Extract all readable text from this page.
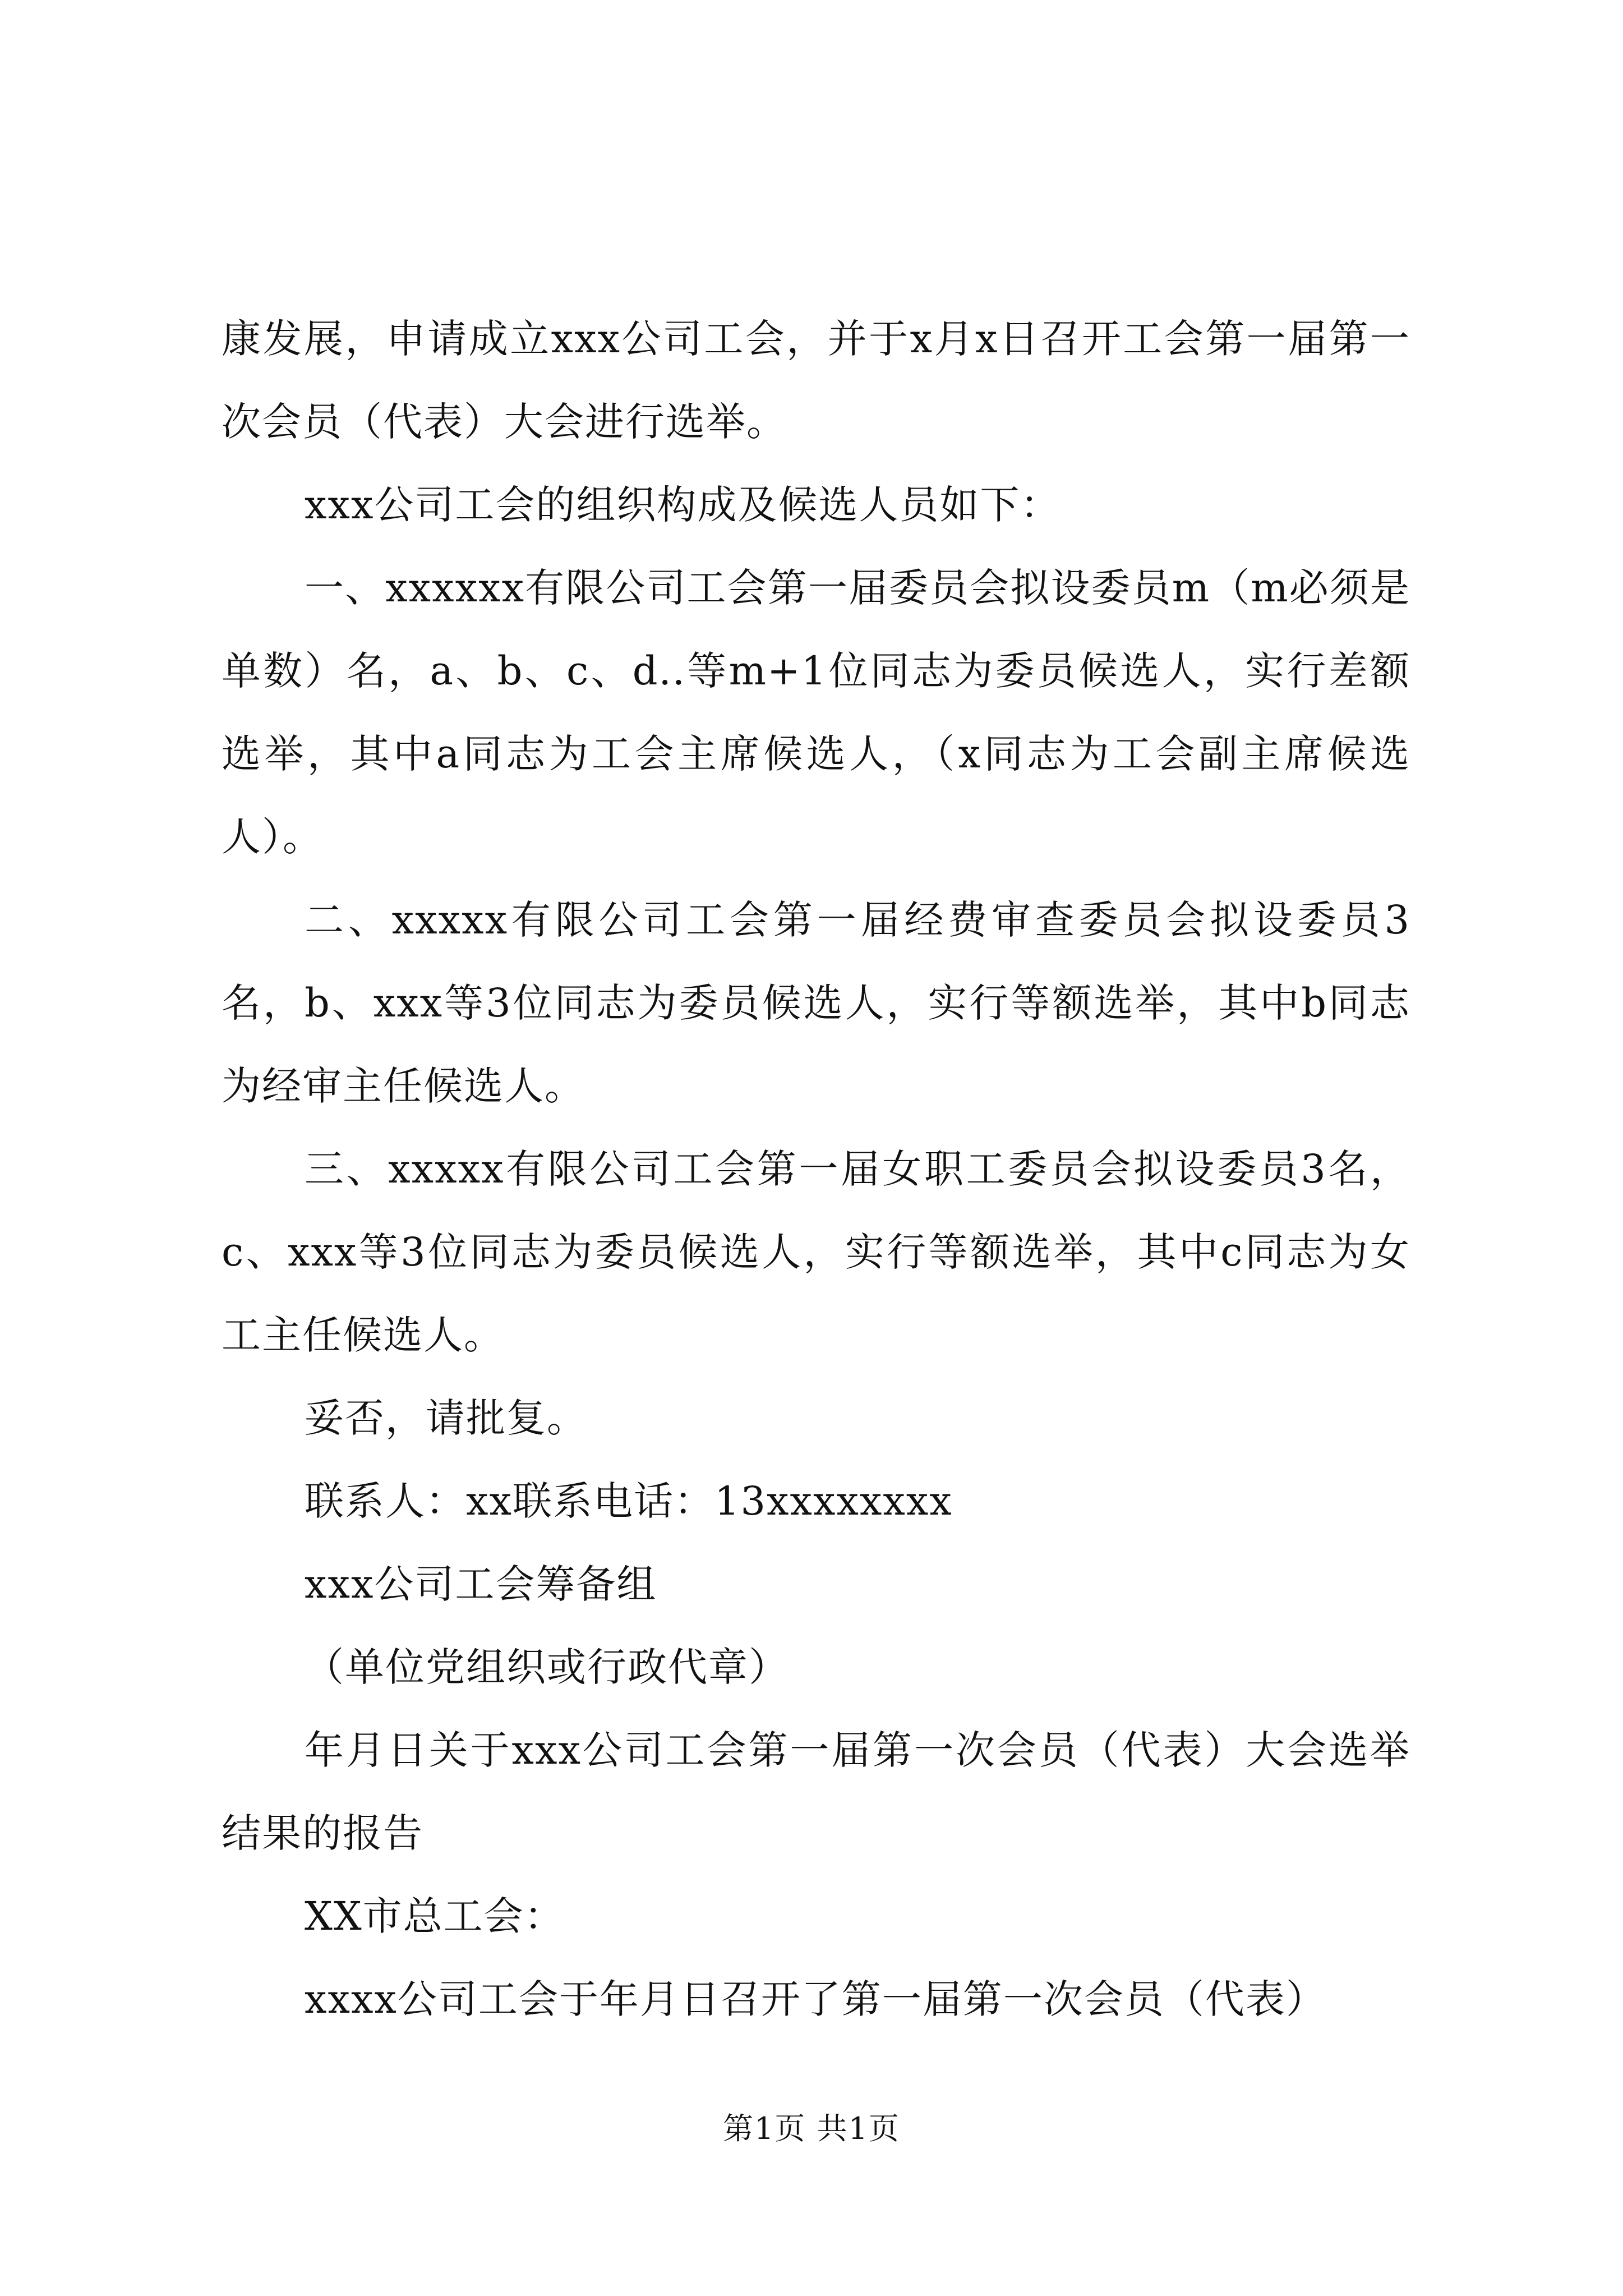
康发展，申请成立xxx公司工会，并于x月x日召开工会第一届第一次会员（代表）大会进行选举。

xxx公司工会的组织构成及候选人员如下：

一、xxxxxx有限公司工会第一届委员会拟设委员m（m必须是单数）名，a、b、c、d..等m+1位同志为委员候选人，实行差额选举，其中a同志为工会主席候选人，（x同志为工会副主席候选人）。

二、xxxxx有限公司工会第一届经费审查委员会拟设委员3名，b、xxx等3位同志为委员候选人，实行等额选举，其中b同志为经审主任候选人。

三、xxxxx有限公司工会第一届女职工委员会拟设委员3名，c、xxx等3位同志为委员候选人，实行等额选举，其中c同志为女工主任候选人。

妥否，请批复。

联系人：xx联系电话：13xxxxxxxx

xxx公司工会筹备组

（单位党组织或行政代章）

年月日关于xxx公司工会第一届第一次会员（代表）大会选举结果的报告

XX市总工会：

xxxx公司工会于年月日召开了第一届第一次会员（代表）

第1页 共1页
